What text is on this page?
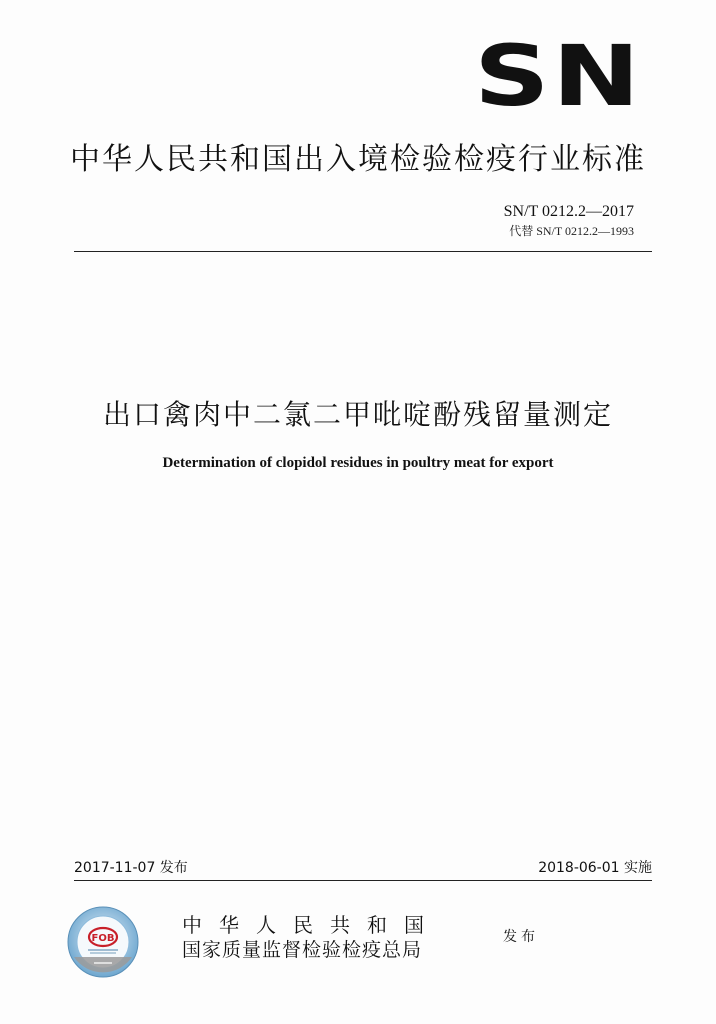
SN
中华人民共和国出入境检验检疫行业标准
SN/T 0212.2—2017
代替 SN/T 0212.2—1993
出口禽肉中二氯二甲吡啶酚残留量测定
Determination of clopidol residues in poultry meat for export
2017-11-07 发布	2018-06-01 实施
FOB
中华人民共和国
国家质量监督检验检疫总局
发布
